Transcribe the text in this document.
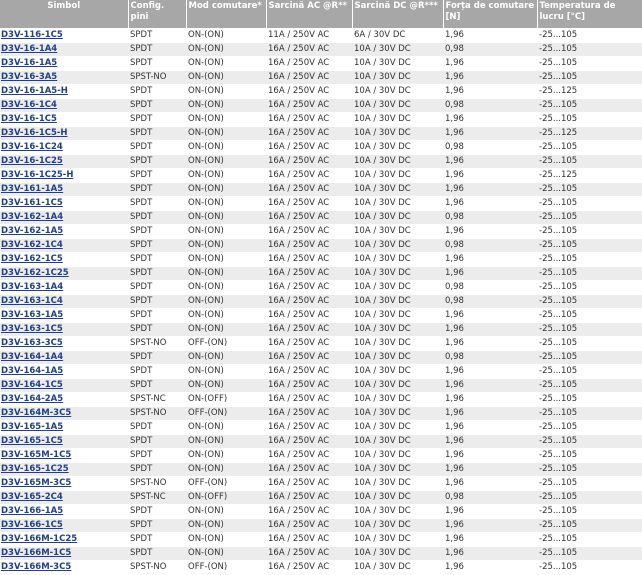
Simbol	Config. pini	Mod comutare*	Sarcină AC @R**	Sarcină DC @R***	Forța de comutare [N]	Temperatura de lucru [°C]
D3V-116-1C5	SPDT	ON-(ON)	11A / 250V AC	6A / 30V DC	1,96	-25...105
D3V-16-1A4	SPDT	ON-(ON)	16A / 250V AC	10A / 30V DC	0,98	-25...105
D3V-16-1A5	SPDT	ON-(ON)	16A / 250V AC	10A / 30V DC	1,96	-25...105
D3V-16-3A5	SPST-NO	ON-(ON)	16A / 250V AC	10A / 30V DC	1,96	-25...105
D3V-16-1A5-H	SPDT	ON-(ON)	16A / 250V AC	10A / 30V DC	1,96	-25...125
D3V-16-1C4	SPDT	ON-(ON)	16A / 250V AC	10A / 30V DC	0,98	-25...105
D3V-16-1C5	SPDT	ON-(ON)	16A / 250V AC	10A / 30V DC	1,96	-25...105
D3V-16-1C5-H	SPDT	ON-(ON)	16A / 250V AC	10A / 30V DC	1,96	-25...125
D3V-16-1C24	SPDT	ON-(ON)	16A / 250V AC	10A / 30V DC	0,98	-25...105
D3V-16-1C25	SPDT	ON-(ON)	16A / 250V AC	10A / 30V DC	1,96	-25...105
D3V-16-1C25-H	SPDT	ON-(ON)	16A / 250V AC	10A / 30V DC	1,96	-25...125
D3V-161-1A5	SPDT	ON-(ON)	16A / 250V AC	10A / 30V DC	1,96	-25...105
D3V-161-1C5	SPDT	ON-(ON)	16A / 250V AC	10A / 30V DC	1,96	-25...105
D3V-162-1A4	SPDT	ON-(ON)	16A / 250V AC	10A / 30V DC	0,98	-25...105
D3V-162-1A5	SPDT	ON-(ON)	16A / 250V AC	10A / 30V DC	1,96	-25...105
D3V-162-1C4	SPDT	ON-(ON)	16A / 250V AC	10A / 30V DC	0,98	-25...105
D3V-162-1C5	SPDT	ON-(ON)	16A / 250V AC	10A / 30V DC	1,96	-25...105
D3V-162-1C25	SPDT	ON-(ON)	16A / 250V AC	10A / 30V DC	1,96	-25...105
D3V-163-1A4	SPDT	ON-(ON)	16A / 250V AC	10A / 30V DC	0,98	-25...105
D3V-163-1C4	SPDT	ON-(ON)	16A / 250V AC	10A / 30V DC	0,98	-25...105
D3V-163-1A5	SPDT	ON-(ON)	16A / 250V AC	10A / 30V DC	1,96	-25...105
D3V-163-1C5	SPDT	ON-(ON)	16A / 250V AC	10A / 30V DC	1,96	-25...105
D3V-163-3C5	SPST-NO	OFF-(ON)	16A / 250V AC	10A / 30V DC	1,96	-25...105
D3V-164-1A4	SPDT	ON-(ON)	16A / 250V AC	10A / 30V DC	0,98	-25...105
D3V-164-1A5	SPDT	ON-(ON)	16A / 250V AC	10A / 30V DC	1,96	-25...105
D3V-164-1C5	SPDT	ON-(ON)	16A / 250V AC	10A / 30V DC	1,96	-25...105
D3V-164-2A5	SPST-NC	ON-(OFF)	16A / 250V AC	10A / 30V DC	1,96	-25...105
D3V-164M-3C5	SPST-NO	OFF-(ON)	16A / 250V AC	10A / 30V DC	1,96	-25...105
D3V-165-1A5	SPDT	ON-(ON)	16A / 250V AC	10A / 30V DC	1,96	-25...105
D3V-165-1C5	SPDT	ON-(ON)	16A / 250V AC	10A / 30V DC	1,96	-25...105
D3V-165M-1C5	SPDT	ON-(ON)	16A / 250V AC	10A / 30V DC	1,96	-25...105
D3V-165-1C25	SPDT	ON-(ON)	16A / 250V AC	10A / 30V DC	1,96	-25...105
D3V-165M-3C5	SPST-NO	OFF-(ON)	16A / 250V AC	10A / 30V DC	1,96	-25...105
D3V-165-2C4	SPST-NC	ON-(OFF)	16A / 250V AC	10A / 30V DC	0,98	-25...105
D3V-166-1A5	SPDT	ON-(ON)	16A / 250V AC	10A / 30V DC	1,96	-25...105
D3V-166-1C5	SPDT	ON-(ON)	16A / 250V AC	10A / 30V DC	1,96	-25...105
D3V-166M-1C25	SPDT	ON-(ON)	16A / 250V AC	10A / 30V DC	1,96	-25...105
D3V-166M-1C5	SPDT	ON-(ON)	16A / 250V AC	10A / 30V DC	1,96	-25...105
D3V-166M-3C5	SPST-NO	OFF-(ON)	16A / 250V AC	10A / 30V DC	1,96	-25...105
